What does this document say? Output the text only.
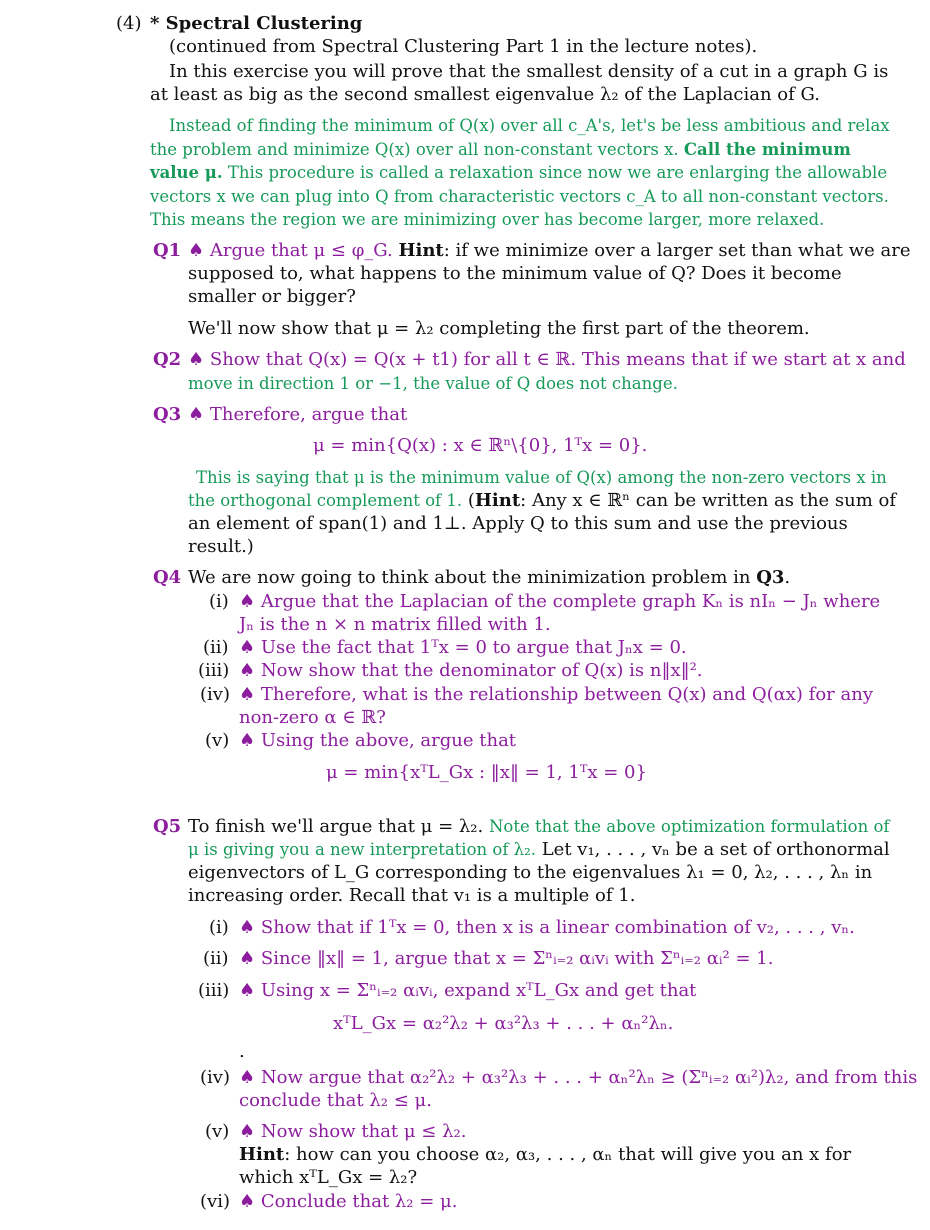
(4) * Spectral Clustering
(continued from Spectral Clustering Part 1 in the lecture notes).
In this exercise you will prove that the smallest density of a cut in a graph G is
at least as big as the second smallest eigenvalue λ₂ of the Laplacian of G.
Instead of finding the minimum of Q(x) over all c_A's, let's be less ambitious and relax
the problem and minimize Q(x) over all non-constant vectors x. Call the minimum
value μ. This procedure is called a relaxation since now we are enlarging the allowable
vectors x we can plug into Q from characteristic vectors c_A to all non-constant vectors.
This means the region we are minimizing over has become larger, more relaxed.
Q1 ♠ Argue that μ ≤ φ_G. Hint: if we minimize over a larger set than what we are
supposed to, what happens to the minimum value of Q? Does it become
smaller or bigger?
We'll now show that μ = λ₂ completing the first part of the theorem.
Q2 ♠ Show that Q(x) = Q(x + t1) for all t ∈ ℝ. This means that if we start at x and
move in direction 1 or −1, the value of Q does not change.
Q3 ♠ Therefore, argue that
μ = min{Q(x) : x ∈ ℝⁿ\{0}, 1ᵀx = 0}.
This is saying that μ is the minimum value of Q(x) among the non-zero vectors x in
the orthogonal complement of 1. (Hint: Any x ∈ ℝⁿ can be written as the sum of
an element of span(1) and 1⊥. Apply Q to this sum and use the previous
result.)
Q4 We are now going to think about the minimization problem in Q3.
(i) ♠ Argue that the Laplacian of the complete graph Kₙ is nIₙ − Jₙ where
Jₙ is the n × n matrix filled with 1.
(ii) ♠ Use the fact that 1ᵀx = 0 to argue that Jₙx = 0.
(iii) ♠ Now show that the denominator of Q(x) is n‖x‖².
(iv) ♠ Therefore, what is the relationship between Q(x) and Q(αx) for any
non-zero α ∈ ℝ?
(v) ♠ Using the above, argue that
μ = min{xᵀL_Gx : ‖x‖ = 1, 1ᵀx = 0}
Q5 To finish we'll argue that μ = λ₂. Note that the above optimization formulation of
μ is giving you a new interpretation of λ₂. Let v₁, . . . , vₙ be a set of orthonormal
eigenvectors of L_G corresponding to the eigenvalues λ₁ = 0, λ₂, . . . , λₙ in
increasing order. Recall that v₁ is a multiple of 1.
(i) ♠ Show that if 1ᵀx = 0, then x is a linear combination of v₂, . . . , vₙ.
(ii) ♠ Since ‖x‖ = 1, argue that x = Σⁿᵢ₌₂ αᵢvᵢ with Σⁿᵢ₌₂ αᵢ² = 1.
(iii) ♠ Using x = Σⁿᵢ₌₂ αᵢvᵢ, expand xᵀL_Gx and get that
xᵀL_Gx = α₂²λ₂ + α₃²λ₃ + . . . + αₙ²λₙ.
.
(iv) ♠ Now argue that α₂²λ₂ + α₃²λ₃ + . . . + αₙ²λₙ ≥ (Σⁿᵢ₌₂ αᵢ²)λ₂, and from this
conclude that λ₂ ≤ μ.
(v) ♠ Now show that μ ≤ λ₂.
Hint: how can you choose α₂, α₃, . . . , αₙ that will give you an x for
which xᵀL_Gx = λ₂?
(vi) ♠ Conclude that λ₂ = μ.
